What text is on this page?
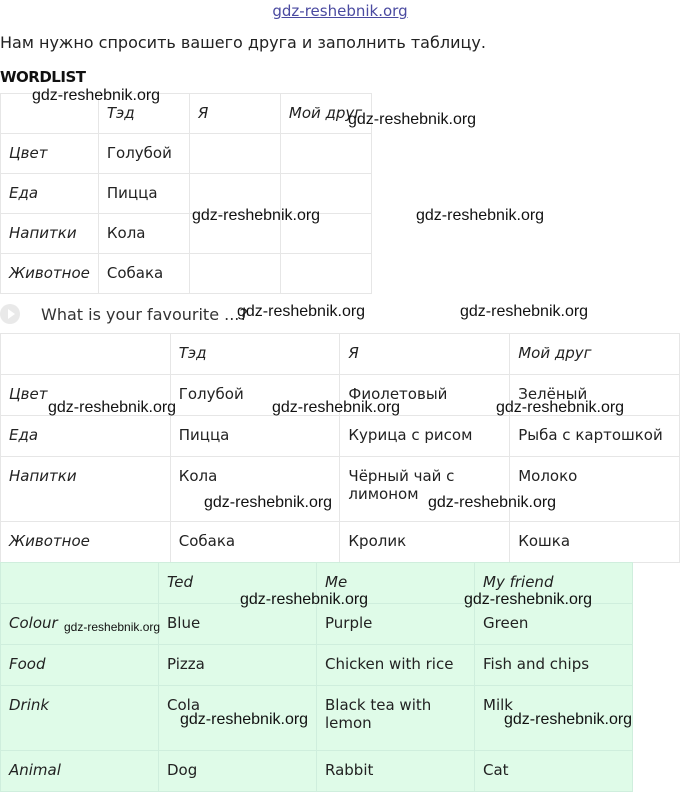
gdz-reshebnik.org
Нам нужно спросить вашего друга и заполнить таблицу.
WORDLIST
	Тэд	Я	Мой друг
Цвет	Голубой		
Еда	Пицца		
Напитки	Кола		
Животное	Собака		
What is your favourite ...?
	Тэд	Я	Мой друг
Цвет	Голубой	Фиолетовый	Зелёный
Еда	Пицца	Курица с рисом	Рыба с картошкой
Напитки	Кола	Чёрный чай с лимоном	Молоко
Животное	Собака	Кролик	Кошка
	Ted	Me	My friend
Colour	Blue	Purple	Green
Food	Pizza	Chicken with rice	Fish and chips
Drink	Cola	Black tea with lemon	Milk
Animal	Dog	Rabbit	Cat
gdz-reshebnik.org
gdz-reshebnik.org
gdz-reshebnik.org	gdz-reshebnik.org
gdz-reshebnik.org	gdz-reshebnik.org
gdz-reshebnik.org	gdz-reshebnik.org	gdz-reshebnik.org
gdz-reshebnik.org	gdz-reshebnik.org
gdz-reshebnik.org	gdz-reshebnik.org
gdz-reshebnik.org
gdz-reshebnik.org	gdz-reshebnik.org
